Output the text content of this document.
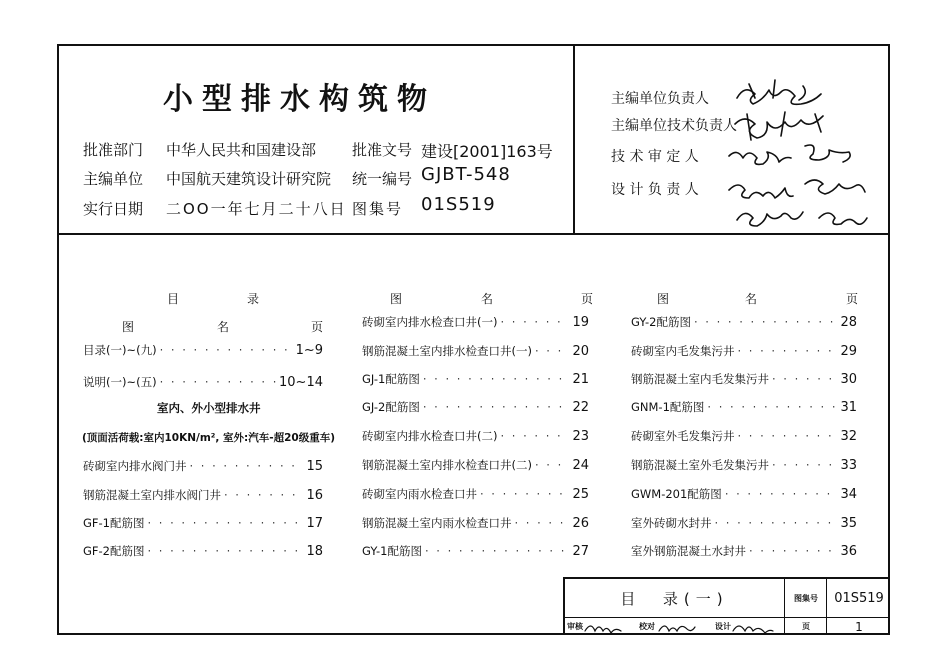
小型排水构筑物
批准部门 中华人民共和国建设部 批准文号 建设[2001]163号
主编单位 中国航天建筑设计研究院 统一编号 GJBT-548
实行日期 二OO一年七月二十八日 图集号 01S519
主编单位负责人
主编单位技术负责人
技 术 审 定 人
设 计 负 责 人
目	录
图	名	页
图	名	页	图	名	页
目录(一)~(九) · · ·	1~9
说明(一)~(五) · · ·	10~14
室内、外小型排水井
(顶面活荷载:室内10KN/m², 室外:汽车-超20级重车)
砖砌室内排水阀门井 · · ·	15
钢筋混凝土室内排水阀门井 · · ·	16
GF-1配筋图 · · ·	17
GF-2配筋图 · · ·	18
砖砌室内排水检查口井(一) · · ·	19
钢筋混凝土室内排水检查口井(一) · · ·	20
GJ-1配筋图 · · ·	21
GJ-2配筋图 · · ·	22
砖砌室内排水检查口井(二) · · ·	23
钢筋混凝土室内排水检查口井(二) · · ·	24
砖砌室内雨水检查口井 · · ·	25
钢筋混凝土室内雨水检查口井 · · ·	26
GY-1配筋图 · · ·	27
GY-2配筋图 · · ·	28
砖砌室内毛发集污井 · · ·	29
钢筋混凝土室内毛发集污井 · · ·	30
GNM-1配筋图 · · ·	31
砖砌室外毛发集污井 · · ·	32
钢筋混凝土室外毛发集污井 · · ·	33
GWM-201配筋图 · · ·	34
室外砖砌水封井 · · ·	35
室外钢筋混凝土水封井 · · ·	36
目  录(一)	图集号	01S519
审核	校对	设计	页	1
